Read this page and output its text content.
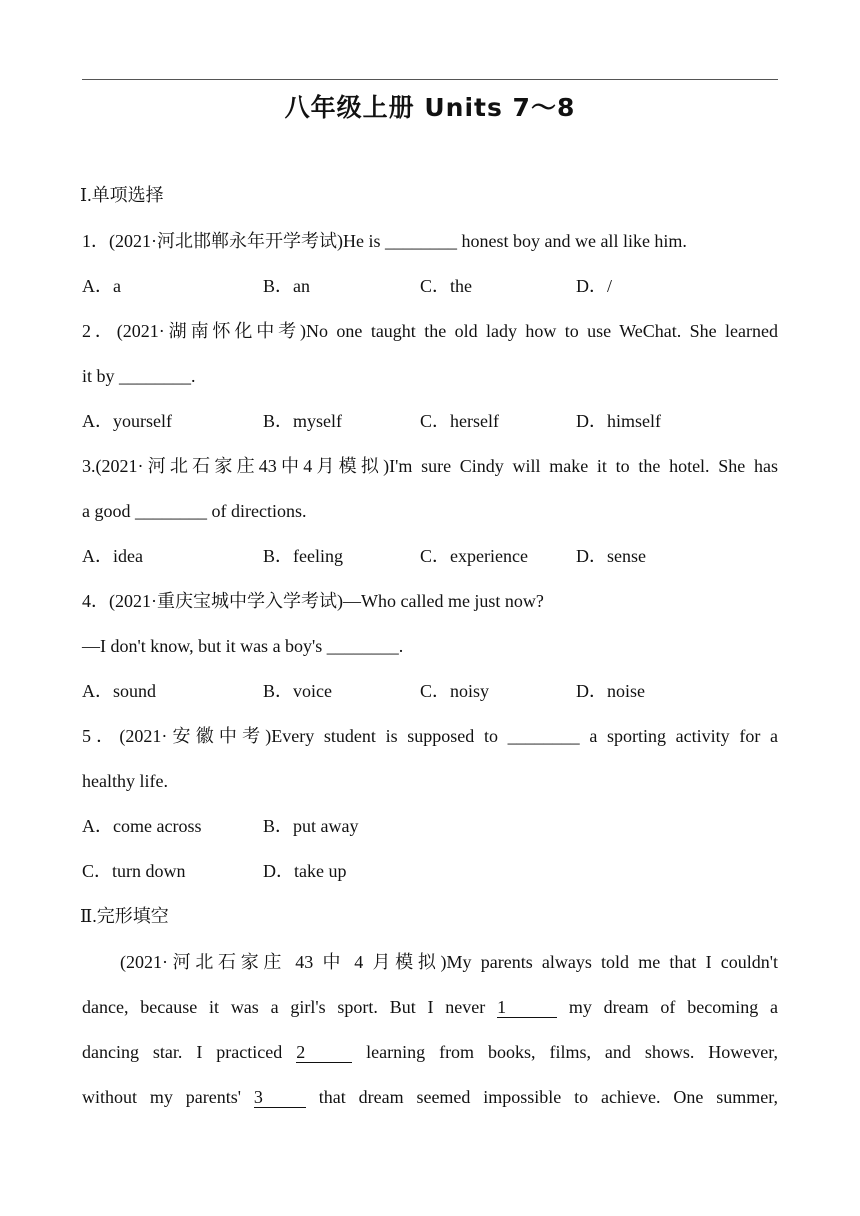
八年级上册 Units 7～8
Ⅰ.单项选择
1．(2021·河北邯郸永年开学考试)He is ________ honest boy and we all like him.
A．a	B．an	C．the	D．/
2．(2021·湖南怀化中考)No one taught the old lady how to use WeChat. She learned
it by ________.
A．yourself	B．myself	C．herself	D．himself
3.(2021·河北石家庄43中4月模拟)I'm sure Cindy will make it to the hotel. She has
a good ________ of directions.
A．idea	B．feeling	C．experience	D．sense
4．(2021·重庆宝城中学入学考试)—Who called me just now?
—I don't know, but it was a boy's ________.
A．sound	B．voice	C．noisy	D．noise
5．(2021·安徽中考)Every student is supposed to ________ a sporting activity for a
healthy life.
A．come across	B．put away
C．turn down	D．take up
Ⅱ.完形填空
(2021·河北石家庄 43 中 4 月模拟)My parents always told me that I couldn't
dance, because it was a girl's sport. But I never 1	my dream of becoming a
dancing star. I practiced 2	learning from books, films, and shows. However,
without my parents' 3	that dream seemed impossible to achieve. One summer,
